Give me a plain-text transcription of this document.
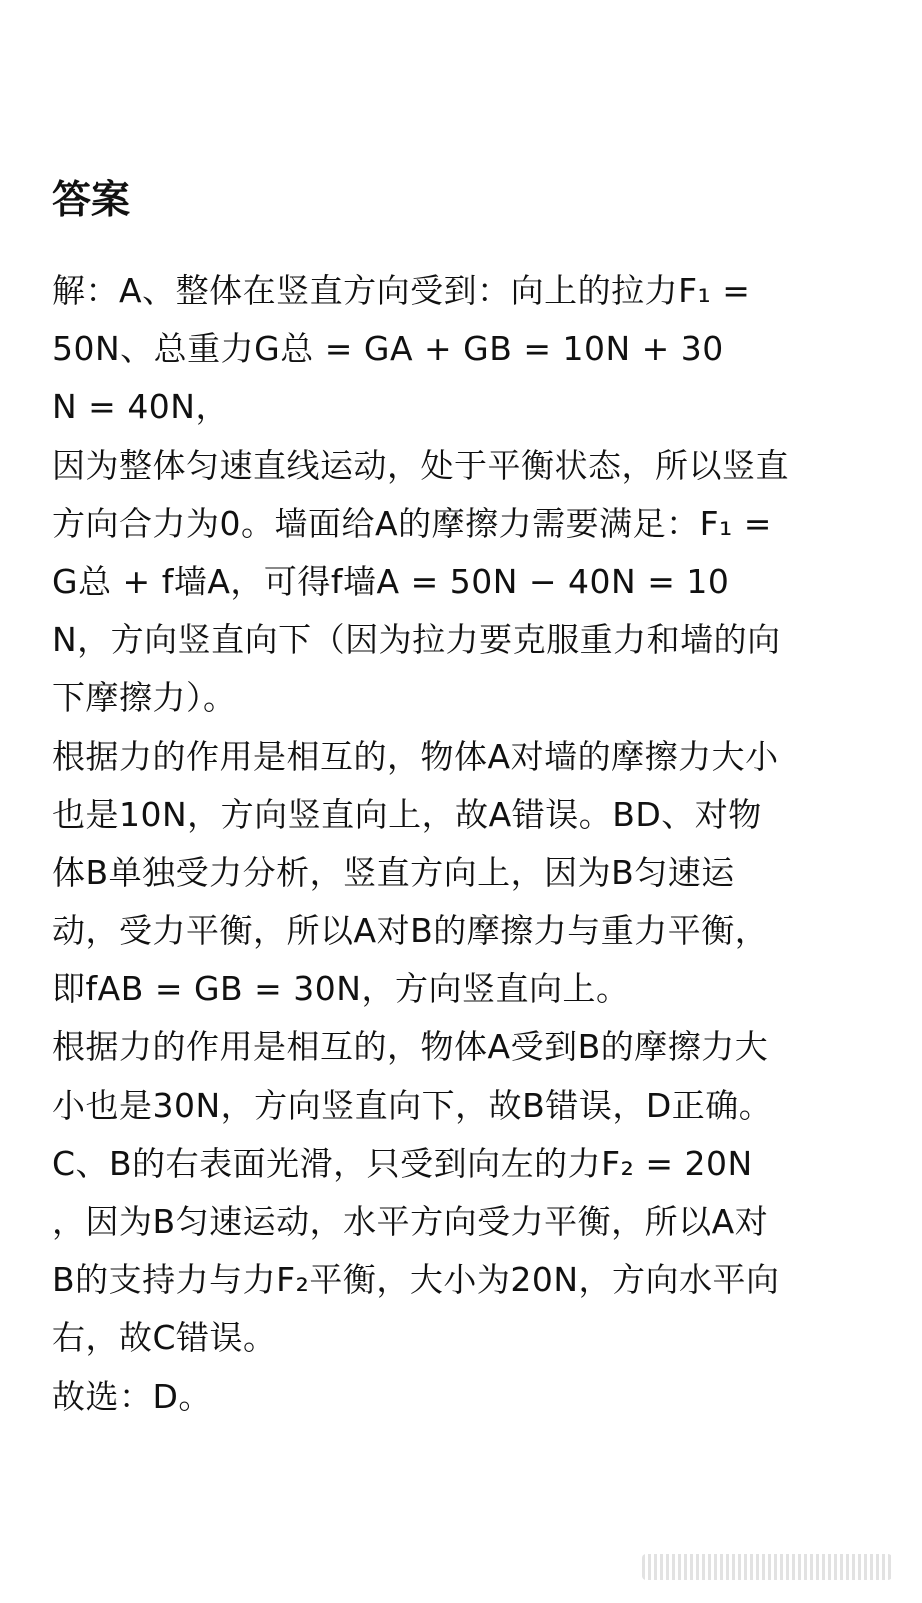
答案
解：A、整体在竖直方向受到：向上的拉力F₁ =
50N、总重力G总 = GA + GB = 10N + 30
N = 40N，
因为整体匀速直线运动，处于平衡状态，所以竖直
方向合力为0。墙面给A的摩擦力需要满足：F₁ =
G总 + f墙A，可得f墙A = 50N − 40N = 10
N，方向竖直向下（因为拉力要克服重力和墙的向
下摩擦力）。
根据力的作用是相互的，物体A对墙的摩擦力大小
也是10N，方向竖直向上，故A错误。BD、对物
体B单独受力分析，竖直方向上，因为B匀速运
动，受力平衡，所以A对B的摩擦力与重力平衡，
即fAB = GB = 30N，方向竖直向上。
根据力的作用是相互的，物体A受到B的摩擦力大
小也是30N，方向竖直向下，故B错误，D正确。
C、B的右表面光滑，只受到向左的力F₂ = 20N
，因为B匀速运动，水平方向受力平衡，所以A对
B的支持力与力F₂平衡，大小为20N，方向水平向
右，故C错误。
故选：D。
